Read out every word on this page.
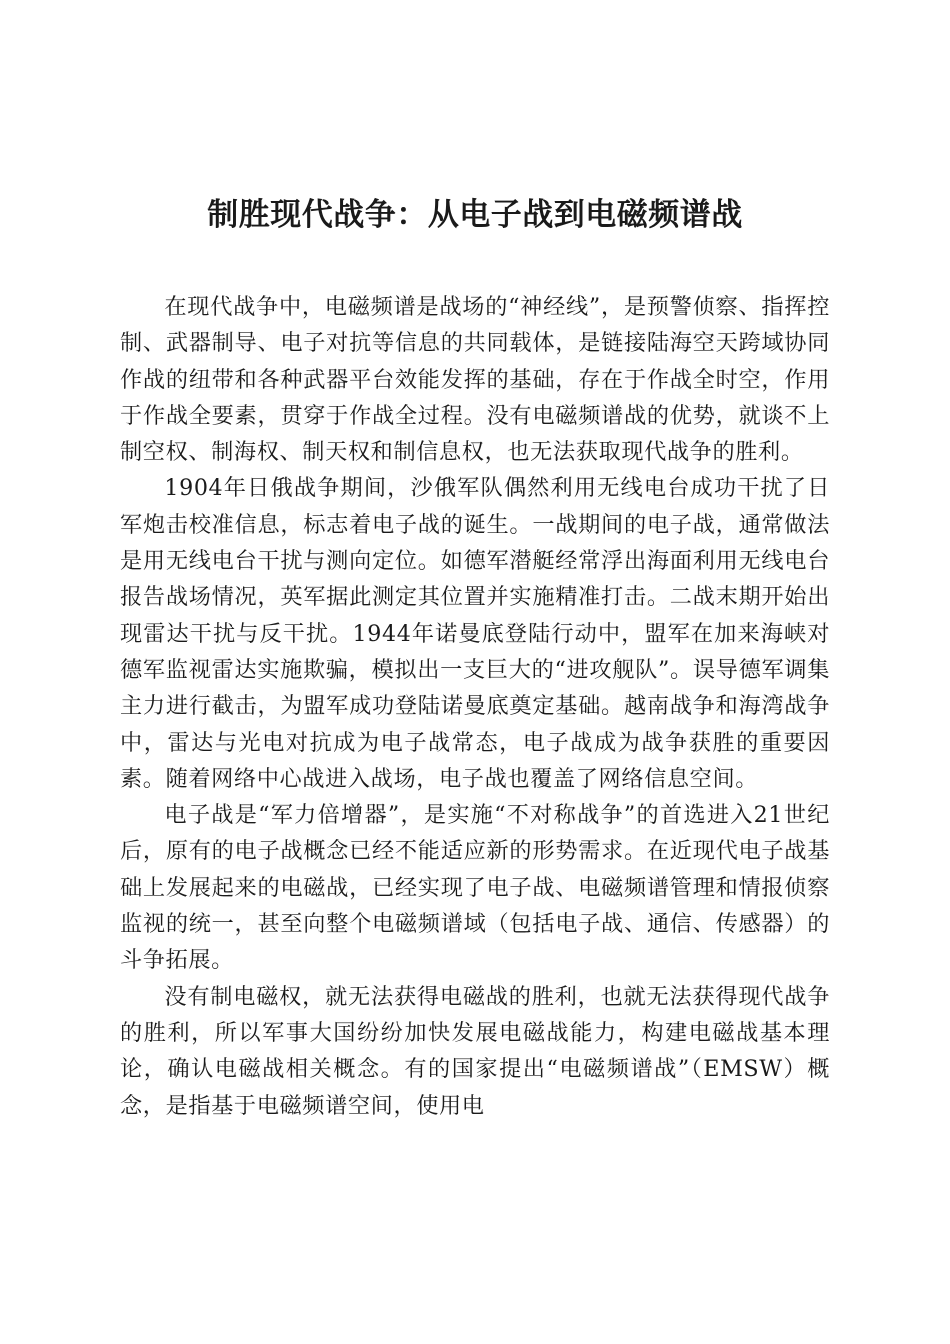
制胜现代战争：从电子战到电磁频谱战

在现代战争中，电磁频谱是战场的“神经线”，是预警侦察、指挥控制、武器制导、电子对抗等信息的共同载体，是链接陆海空天跨域协同作战的纽带和各种武器平台效能发挥的基础，存在于作战全时空，作用于作战全要素，贯穿于作战全过程。没有电磁频谱战的优势，就谈不上制空权、制海权、制天权和制信息权，也无法获取现代战争的胜利。

1904年日俄战争期间，沙俄军队偶然利用无线电台成功干扰了日军炮击校准信息，标志着电子战的诞生。一战期间的电子战，通常做法是用无线电台干扰与测向定位。如德军潜艇经常浮出海面利用无线电台报告战场情况，英军据此测定其位置并实施精准打击。二战末期开始出现雷达干扰与反干扰。1944年诺曼底登陆行动中，盟军在加来海峡对德军监视雷达实施欺骗，模拟出一支巨大的“进攻舰队”。误导德军调集主力进行截击，为盟军成功登陆诺曼底奠定基础。越南战争和海湾战争中，雷达与光电对抗成为电子战常态，电子战成为战争获胜的重要因素。随着网络中心战进入战场，电子战也覆盖了网络信息空间。

电子战是“军力倍增器”，是实施“不对称战争”的首选进入21世纪后，原有的电子战概念已经不能适应新的形势需求。在近现代电子战基础上发展起来的电磁战，已经实现了电子战、电磁频谱管理和情报侦察监视的统一，甚至向整个电磁频谱域（包括电子战、通信、传感器）的斗争拓展。

没有制电磁权，就无法获得电磁战的胜利，也就无法获得现代战争的胜利，所以军事大国纷纷加快发展电磁战能力，构建电磁战基本理论，确认电磁战相关概念。有的国家提出“电磁频谱战”（EMSW）概念，是指基于电磁频谱空间，使用电
